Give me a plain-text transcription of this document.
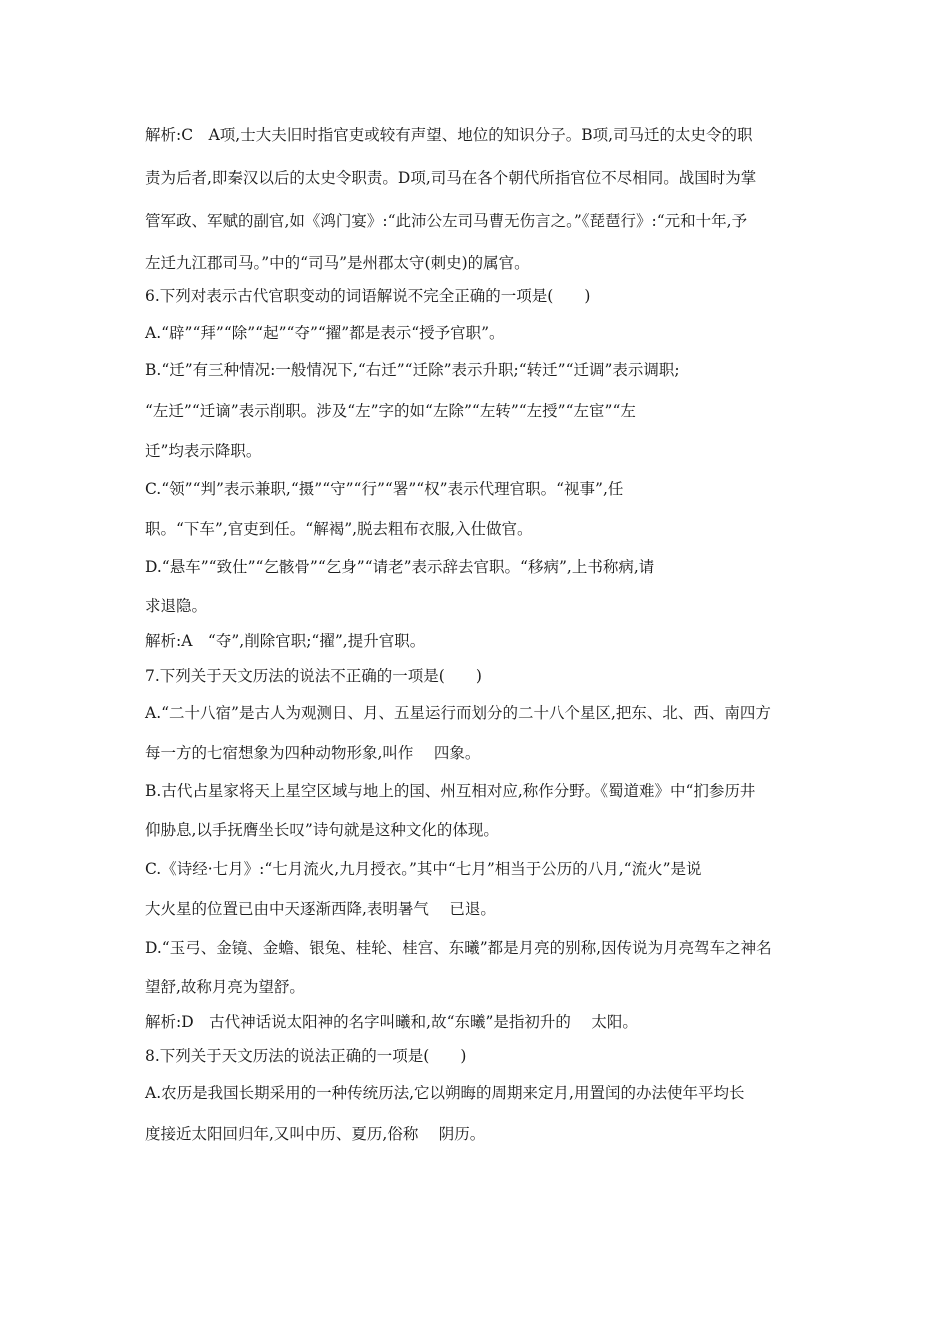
解析:C　A项,士大夫旧时指官吏或较有声望、地位的知识分子。B项,司马迁的太史令的职

责为后者,即秦汉以后的太史令职责。D项,司马在各个朝代所指官位不尽相同。战国时为掌

管军政、军赋的副官,如《鸿门宴》:“此沛公左司马曹无伤言之。”《琵琶行》:“元和十年,予

左迁九江郡司马。”中的“司马”是州郡太守(刺史)的属官。

6.下列对表示古代官职变动的词语解说不完全正确的一项是(　　)

A.“辟”“拜”“除”“起”“夺”“擢”都是表示“授予官职”。

B.“迁”有三种情况:一般情况下,“右迁”“迁除”表示升职;“转迁”“迁调”表示调职;

“左迁”“迁谪”表示削职。涉及“左”字的如“左除”“左转”“左授”“左宦”“左

迁”均表示降职。

C.“领”“判”表示兼职,“摄”“守”“行”“署”“权”表示代理官职。“视事”,任

职。“下车”,官吏到任。“解褐”,脱去粗布衣服,入仕做官。

D.“悬车”“致仕”“乞骸骨”“乞身”“请老”表示辞去官职。“移病”,上书称病,请

求退隐。

解析:A　“夺”,削除官职;“擢”,提升官职。

7.下列关于天文历法的说法不正确的一项是(　　)

A.“二十八宿”是古人为观测日、月、五星运行而划分的二十八个星区,把东、北、西、南四方

每一方的七宿想象为四种动物形象,叫作　 四象。

B.古代占星家将天上星空区域与地上的国、州互相对应,称作分野。《蜀道难》中“扪参历井

仰胁息,以手抚膺坐长叹”诗句就是这种文化的体现。

C.《诗经·七月》:“七月流火,九月授衣。”其中“七月”相当于公历的八月,“流火”是说

大火星的位置已由中天逐渐西降,表明暑气　 已退。

D.“玉弓、金镜、金蟾、银兔、桂轮、桂宫、东曦”都是月亮的别称,因传说为月亮驾车之神名

望舒,故称月亮为望舒。

解析:D　古代神话说太阳神的名字叫曦和,故“东曦”是指初升的　 太阳。

8.下列关于天文历法的说法正确的一项是(　　)

A.农历是我国长期采用的一种传统历法,它以朔晦的周期来定月,用置闰的办法使年平均长

度接近太阳回归年,又叫中历、夏历,俗称　 阴历。
